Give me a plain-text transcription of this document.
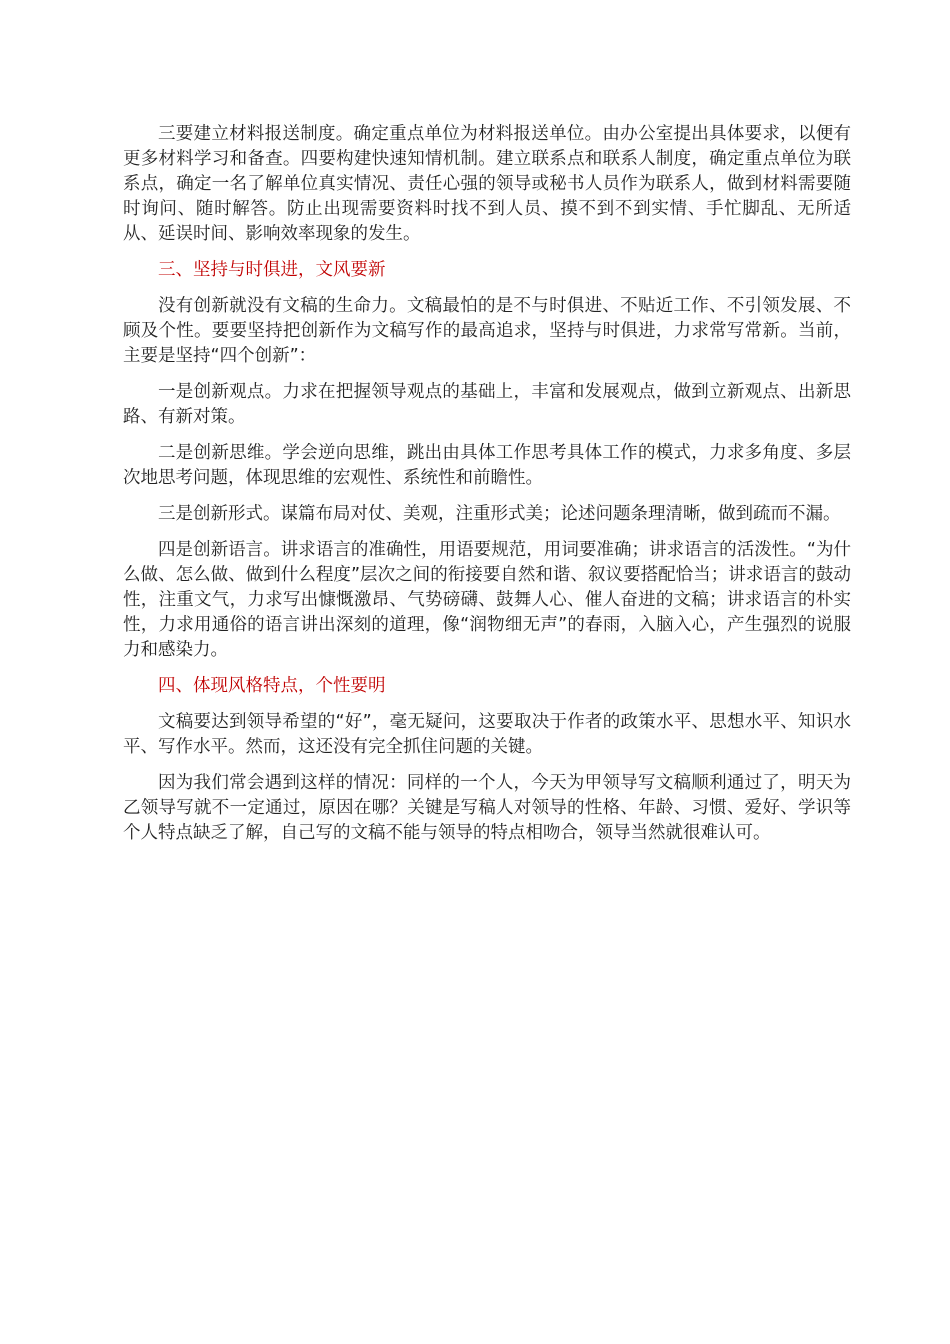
三要建立材料报送制度。确定重点单位为材料报送单位。由办公室提出具体要求，以便有更多材料学习和备查。四要构建快速知情机制。建立联系点和联系人制度，确定重点单位为联系点，确定一名了解单位真实情况、责任心强的领导或秘书人员作为联系人，做到材料需要随时询问、随时解答。防止出现需要资料时找不到人员、摸不到不到实情、手忙脚乱、无所适从、延误时间、影响效率现象的发生。

三、坚持与时俱进，文风要新

没有创新就没有文稿的生命力。文稿最怕的是不与时俱进、不贴近工作、不引领发展、不顾及个性。要要坚持把创新作为文稿写作的最高追求，坚持与时俱进，力求常写常新。当前，主要是坚持“四个创新”：

一是创新观点。力求在把握领导观点的基础上，丰富和发展观点，做到立新观点、出新思路、有新对策。

二是创新思维。学会逆向思维，跳出由具体工作思考具体工作的模式，力求多角度、多层次地思考问题，体现思维的宏观性、系统性和前瞻性。

三是创新形式。谋篇布局对仗、美观，注重形式美；论述问题条理清晰，做到疏而不漏。

四是创新语言。讲求语言的准确性，用语要规范，用词要准确；讲求语言的活泼性。“为什么做、怎么做、做到什么程度”层次之间的衔接要自然和谐、叙议要搭配恰当；讲求语言的鼓动性，注重文气，力求写出慷慨激昂、气势磅礴、鼓舞人心、催人奋进的文稿；讲求语言的朴实性，力求用通俗的语言讲出深刻的道理，像“润物细无声”的春雨，入脑入心，产生强烈的说服力和感染力。

四、体现风格特点，个性要明

文稿要达到领导希望的“好”，毫无疑问，这要取决于作者的政策水平、思想水平、知识水平、写作水平。然而，这还没有完全抓住问题的关键。

因为我们常会遇到这样的情况：同样的一个人，今天为甲领导写文稿顺利通过了，明天为乙领导写就不一定通过，原因在哪？关键是写稿人对领导的性格、年龄、习惯、爱好、学识等个人特点缺乏了解，自己写的文稿不能与领导的特点相吻合，领导当然就很难认可。
